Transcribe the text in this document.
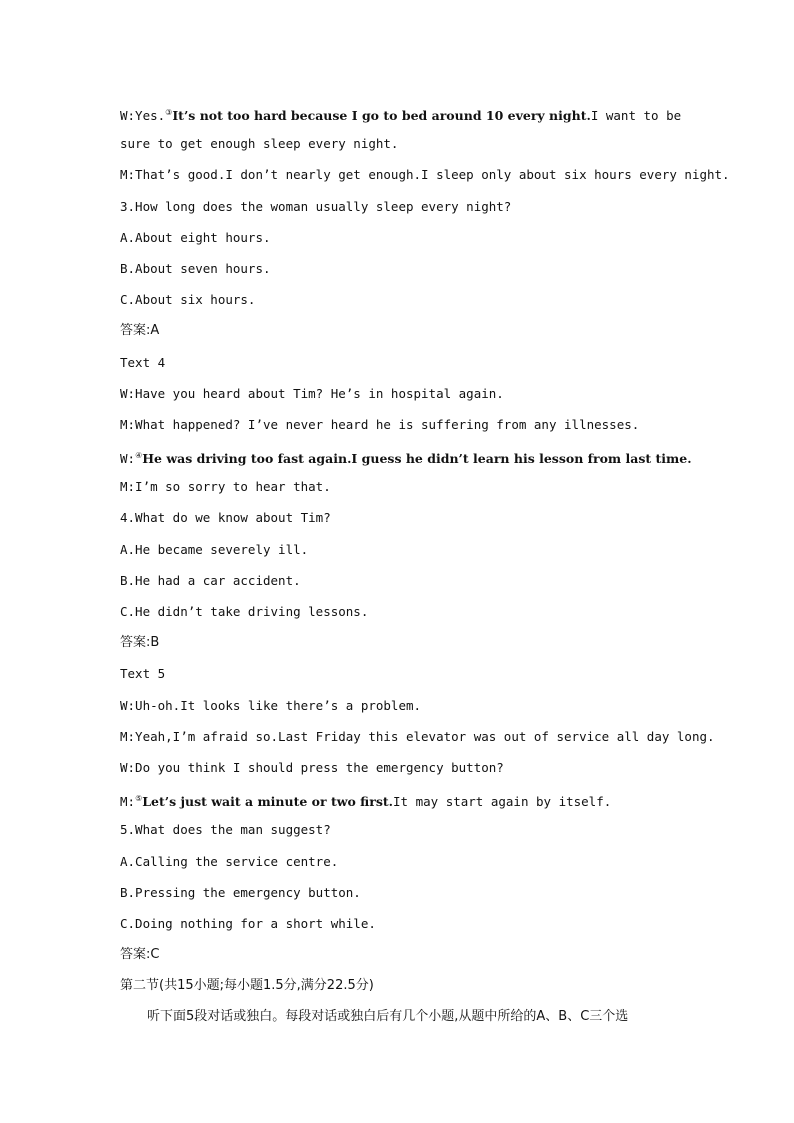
W:Yes.③It’s not too hard because I go to bed around 10 every night.I want to be
sure to get enough sleep every night.
M:That’s good.I don’t nearly get enough.I sleep only about six hours every night.
3.How long does the woman usually sleep every night?
A.About eight hours.
B.About seven hours.
C.About six hours.
答案:A
Text 4
W:Have you heard about Tim? He’s in hospital again.
M:What happened? I’ve never heard he is suffering from any illnesses.
W:④He was driving too fast again.I guess he didn’t learn his lesson from last time.
M:I’m so sorry to hear that.
4.What do we know about Tim?
A.He became severely ill.
B.He had a car accident.
C.He didn’t take driving lessons.
答案:B
Text 5
W:Uh-oh.It looks like there’s a problem.
M:Yeah,I’m afraid so.Last Friday this elevator was out of service all day long.
W:Do you think I should press the emergency button?
M:⑤Let’s just wait a minute or two first.It may start again by itself.
5.What does the man suggest?
A.Calling the service centre.
B.Pressing the emergency button.
C.Doing nothing for a short while.
答案:C
第二节(共15小题;每小题1.5分,满分22.5分)
听下面5段对话或独白。每段对话或独白后有几个小题,从题中所给的A、B、C三个选
